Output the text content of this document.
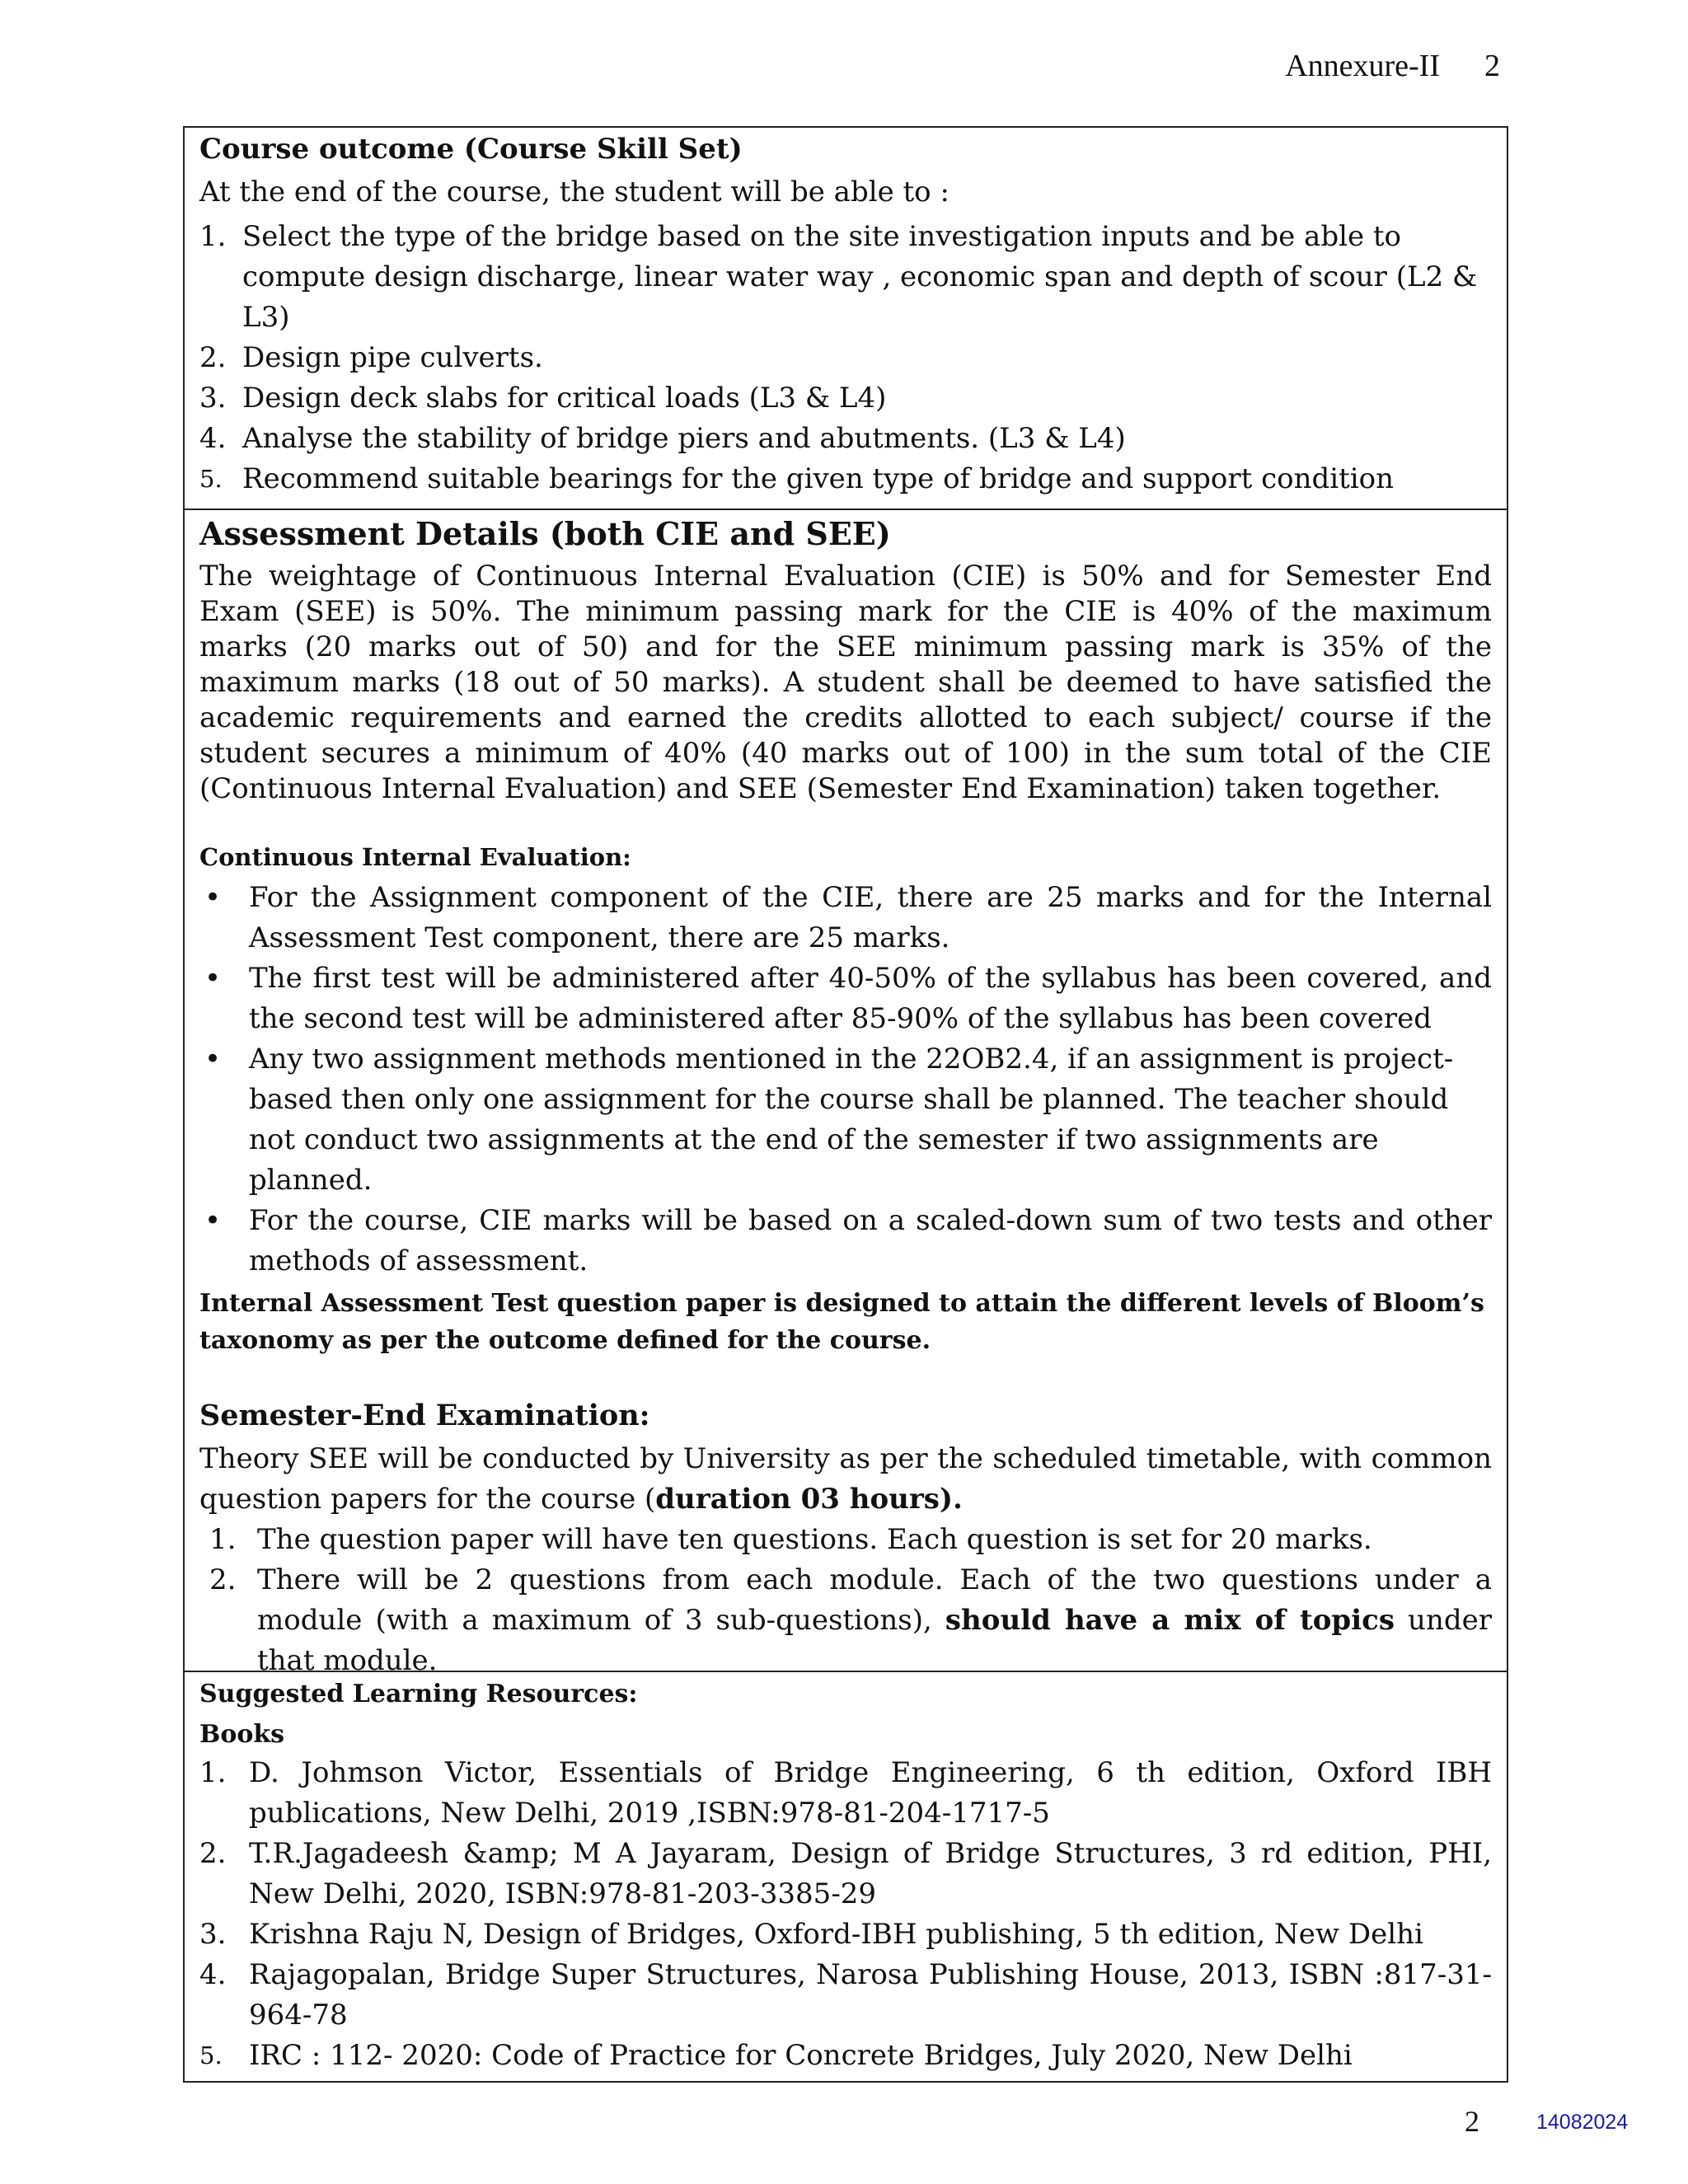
Annexure-II 2
Course outcome (Course Skill Set)
At the end of the course, the student will be able to :
1. Select the type of the bridge based on the site investigation inputs and be able to compute design discharge, linear water way , economic span and depth of scour (L2 & L3)
2. Design pipe culverts.
3. Design deck slabs for critical loads (L3 & L4)
4. Analyse the stability of bridge piers and abutments. (L3 & L4)
5. Recommend suitable bearings for the given type of bridge and support condition
Assessment Details (both CIE and SEE)

The weightage of Continuous Internal Evaluation (CIE) is 50% and for Semester End Exam (SEE) is 50%. The minimum passing mark for the CIE is 40% of the maximum marks (20 marks out of 50) and for the SEE minimum passing mark is 35% of the maximum marks (18 out of 50 marks). A student shall be deemed to have satisfied the academic requirements and earned the credits allotted to each subject/ course if the student secures a minimum of 40% (40 marks out of 100) in the sum total of the CIE (Continuous Internal Evaluation) and SEE (Semester End Examination) taken together.

Continuous Internal Evaluation:
• For the Assignment component of the CIE, there are 25 marks and for the Internal Assessment Test component, there are 25 marks.
• The first test will be administered after 40-50% of the syllabus has been covered, and the second test will be administered after 85-90% of the syllabus has been covered
• Any two assignment methods mentioned in the 22OB2.4, if an assignment is project-based then only one assignment for the course shall be planned. The teacher should not conduct two assignments at the end of the semester if two assignments are planned.
• For the course, CIE marks will be based on a scaled-down sum of two tests and other methods of assessment.
Internal Assessment Test question paper is designed to attain the different levels of Bloom’s taxonomy as per the outcome defined for the course.
Semester-End Examination:
Theory SEE will be conducted by University as per the scheduled timetable, with common question papers for the course (duration 03 hours).
1. The question paper will have ten questions. Each question is set for 20 marks.
2. There will be 2 questions from each module. Each of the two questions under a module (with a maximum of 3 sub-questions), should have a mix of topics under that module.
Suggested Learning Resources:
Books
1. D. Johmson Victor, Essentials of Bridge Engineering, 6 th edition, Oxford IBH publications, New Delhi, 2019 ,ISBN:978-81-204-1717-5
2. T.R.Jagadeesh &amp; M A Jayaram, Design of Bridge Structures, 3 rd edition, PHI, New Delhi, 2020, ISBN:978-81-203-3385-29
3. Krishna Raju N, Design of Bridges, Oxford-IBH publishing, 5 th edition, New Delhi
4. Rajagopalan, Bridge Super Structures, Narosa Publishing House, 2013, ISBN :817-31-964-78
5. IRC : 112- 2020: Code of Practice for Concrete Bridges, July 2020, New Delhi
2	14082024
